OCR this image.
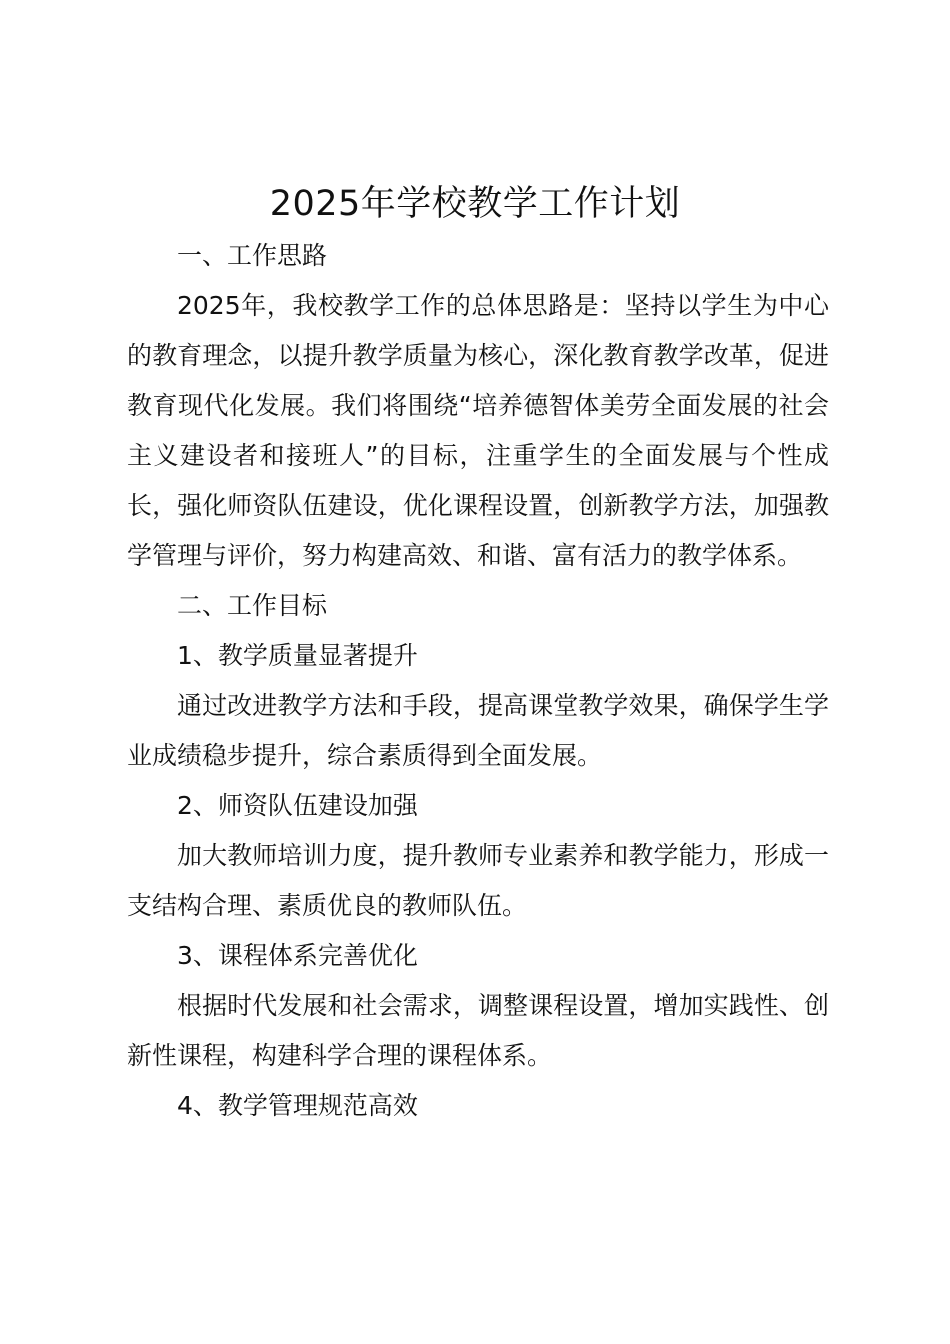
2025年学校教学工作计划

一、工作思路

2025年，我校教学工作的总体思路是：坚持以学生为中心的教育理念，以提升教学质量为核心，深化教育教学改革，促进教育现代化发展。我们将围绕“培养德智体美劳全面发展的社会主义建设者和接班人”的目标，注重学生的全面发展与个性成长，强化师资队伍建设，优化课程设置，创新教学方法，加强教学管理与评价，努力构建高效、和谐、富有活力的教学体系。

二、工作目标

1、教学质量显著提升

通过改进教学方法和手段，提高课堂教学效果，确保学生学业成绩稳步提升，综合素质得到全面发展。

2、师资队伍建设加强

加大教师培训力度，提升教师专业素养和教学能力，形成一支结构合理、素质优良的教师队伍。

3、课程体系完善优化

根据时代发展和社会需求，调整课程设置，增加实践性、创新性课程，构建科学合理的课程体系。

4、教学管理规范高效
